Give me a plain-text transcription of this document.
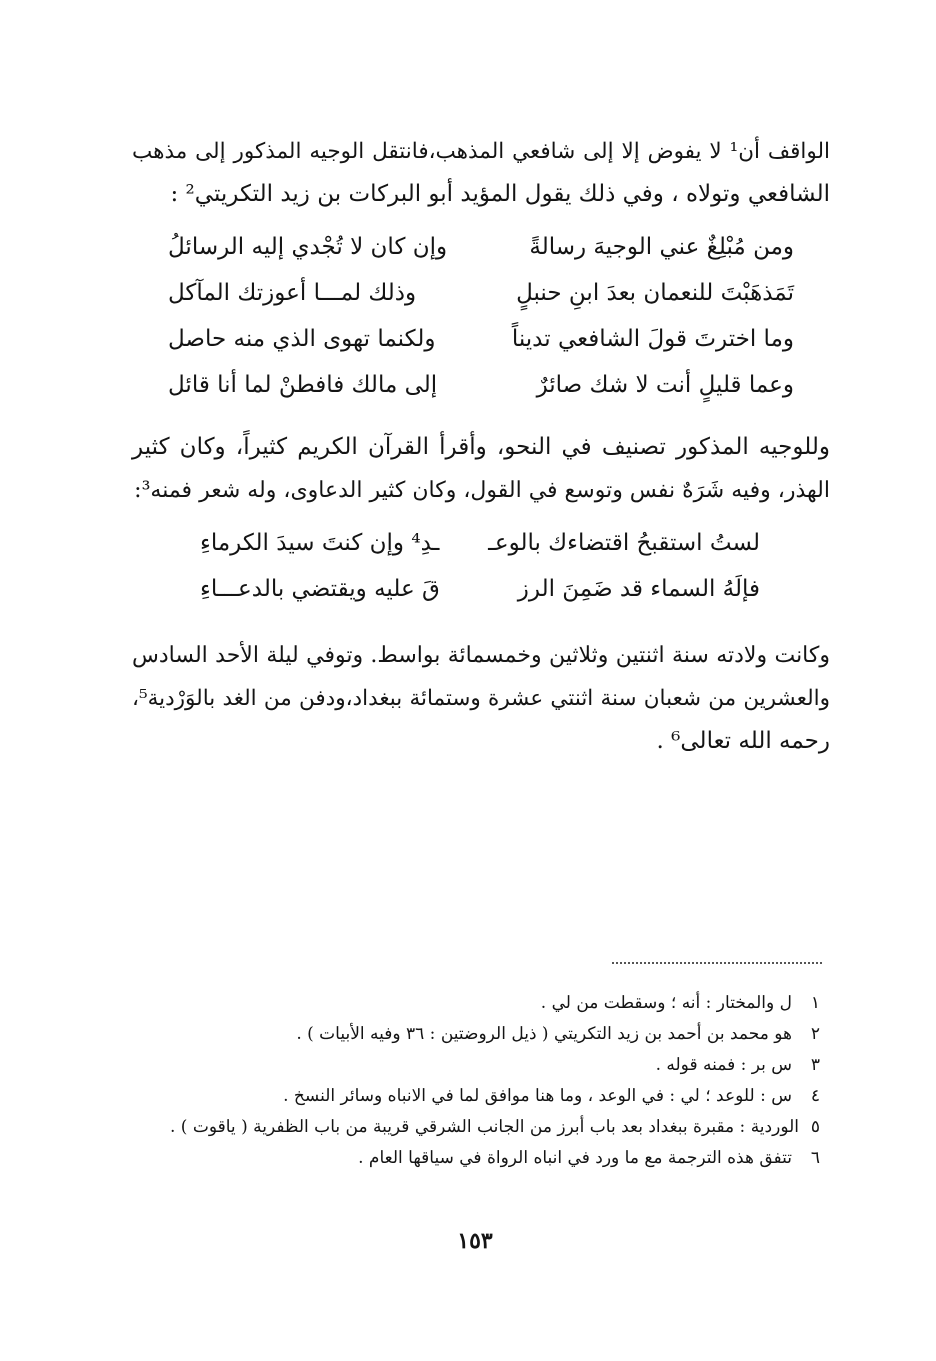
الواقف أن¹ لا يفوض إلا إلى شافعي المذهب،فانتقل الوجيه المذكور إلى مذهب
الشافعي وتولاه ، وفي ذلك يقول المؤيد أبو البركات بن زيد التكريتي² :
ومن مُبْلِغٌ عني الوجيهَ رسالةً
وإن كان لا تُجْدي إليه الرسائلُ
تَمَذهَبْتَ للنعمان بعدَ ابنِ حنبلٍ
وذلك لمـــا أعوزتك المآكل
وما اخترتَ قولَ الشافعي تديناً
ولكنما تهوى الذي منه حاصل
وعما قليلٍ أنت لا شك صائرٌ
إلى مالك فافطنْ لما أنا قائل
وللوجيه المذكور تصنيف في النحو، وأقرأ القرآن الكريم كثيراً، وكان كثير
الهذر، وفيه شَرَهٌ نفس وتوسع في القول، وكان كثير الدعاوى، وله شعر فمنه³:
لستُ استقبحُ اقتضاءك بالوعـ
ـدِ⁴ وإن كنتَ سيدَ الكرماءِ
فإلَهُ السماء قد ضَمِنَ الرز
قَ عليه ويقتضي بالدعـــاءِ
وكانت ولادته سنة اثنتين وثلاثين وخمسمائة بواسط. وتوفي ليلة الأحد السادس
والعشرين من شعبان سنة اثنتي عشرة وستمائة ببغداد،ودفن من الغد بالوَرْدية⁵،
رحمه الله تعالى⁶ .
١
ل والمختار : أنه ؛ وسقطت من لي .
٢
هو محمد بن أحمد بن زيد التكريتي ( ذيل الروضتين : ٣٦ وفيه الأبيات ) .
٣
س بر : فمنه قوله .
٤
س : للوعد ؛ لي : في الوعد ، وما هنا موافق لما في الانباه وسائر النسخ .
٥
الوردية : مقبرة ببغداد بعد باب أبرز من الجانب الشرقي قريبة من باب الظفرية ( ياقوت ) .
٦
تتفق هذه الترجمة مع ما ورد في انباه الرواة في سياقها العام .
١٥٣
